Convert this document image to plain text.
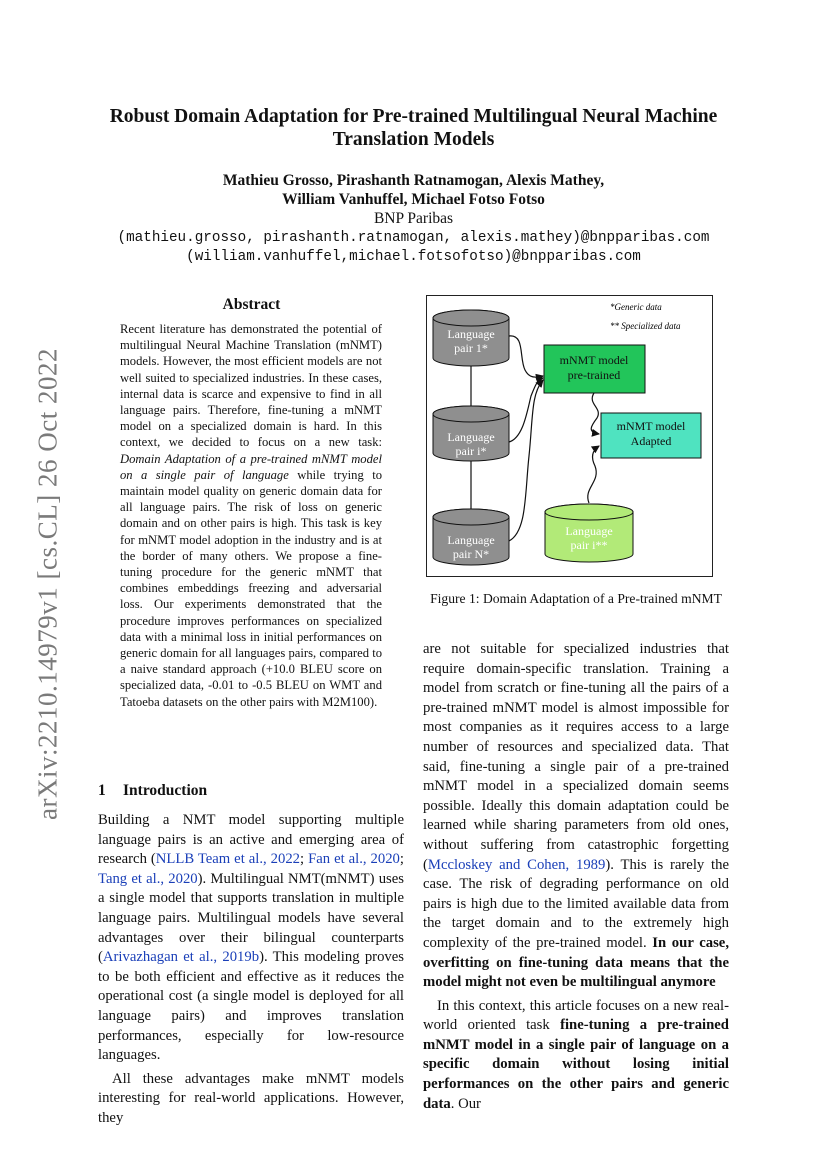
arXiv:2210.14979v1 [cs.CL] 26 Oct 2022
Robust Domain Adaptation for Pre-trained Multilingual Neural Machine
Translation Models
Mathieu Grosso, Pirashanth Ratnamogan, Alexis Mathey,
William Vanhuffel, Michael Fotso Fotso
BNP Paribas
(mathieu.grosso, pirashanth.ratnamogan, alexis.mathey)@bnpparibas.com
(william.vanhuffel,michael.fotsofotso)@bnpparibas.com
Abstract
Recent literature has demonstrated the potential of multilingual Neural Machine Translation (mNMT) models. However, the most efficient models are not well suited to specialized industries. In these cases, internal data is scarce and expensive to find in all language pairs. Therefore, fine-tuning a mNMT model on a specialized domain is hard. In this context, we decided to focus on a new task: Domain Adaptation of a pre-trained mNMT model on a single pair of language while trying to maintain model quality on generic domain data for all language pairs. The risk of loss on generic domain and on other pairs is high. This task is key for mNMT model adoption in the industry and is at the border of many others. We propose a fine-tuning procedure for the generic mNMT that combines embeddings freezing and adversarial loss. Our experiments demonstrated that the procedure improves performances on specialized data with a minimal loss in initial performances on generic domain for all languages pairs, compared to a naive standard approach (+10.0 BLEU score on specialized data, -0.01 to -0.5 BLEU on WMT and Tatoeba datasets on the other pairs with M2M100).
1 Introduction
Building a NMT model supporting multiple language pairs is an active and emerging area of research (NLLB Team et al., 2022; Fan et al., 2020; Tang et al., 2020). Multilingual NMT(mNMT) uses a single model that supports translation in multiple language pairs. Multilingual models have several advantages over their bilingual counterparts (Arivazhagan et al., 2019b). This modeling proves to be both efficient and effective as it reduces the operational cost (a single model is deployed for all language pairs) and improves translation performances, especially for low-resource languages.
All these advantages make mNMT models interesting for real-world applications. However, they
*Generic data
** Specialized data
Language
pair 1*
Language
pair i*
Language
pair N*
Language
pair i**
mNMT model
pre-trained
mNMT model
Adapted
Figure 1: Domain Adaptation of a Pre-trained mNMT
are not suitable for specialized industries that require domain-specific translation. Training a model from scratch or fine-tuning all the pairs of a pre-trained mNMT model is almost impossible for most companies as it requires access to a large number of resources and specialized data. That said, fine-tuning a single pair of a pre-trained mNMT model in a specialized domain seems possible. Ideally this domain adaptation could be learned while sharing parameters from old ones, without suffering from catastrophic forgetting (Mccloskey and Cohen, 1989). This is rarely the case. The risk of degrading performance on old pairs is high due to the limited available data from the target domain and to the extremely high complexity of the pre-trained model. In our case, overfitting on fine-tuning data means that the model might not even be multilingual anymore
In this context, this article focuses on a new real-world oriented task fine-tuning a pre-trained mNMT model in a single pair of language on a specific domain without losing initial performances on the other pairs and generic data. Our
